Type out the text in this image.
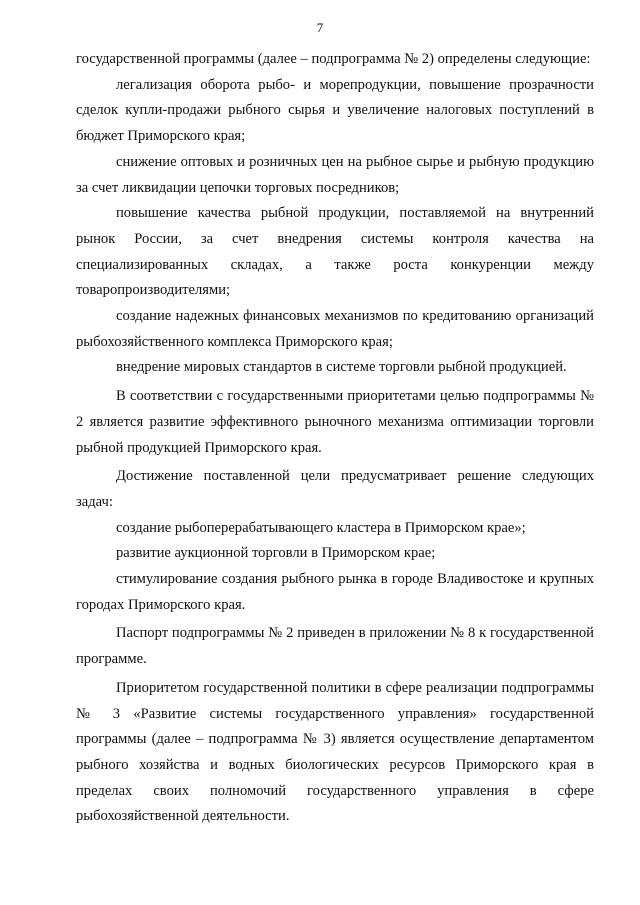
7

государственной программы (далее – подпрограмма № 2) определены следующие:

легализация оборота рыбо- и морепродукции, повышение прозрачности сделок купли-продажи рыбного сырья и увеличение налоговых поступлений в бюджет Приморского края;

снижение оптовых и розничных цен на рыбное сырье и рыбную продукцию за счет ликвидации цепочки торговых посредников;

повышение качества рыбной продукции, поставляемой на внутренний рынок России, за счет внедрения системы контроля качества на специализированных складах, а также роста конкуренции между товаропроизводителями;

создание надежных финансовых механизмов по кредитованию организаций рыбохозяйственного комплекса Приморского края;

внедрение мировых стандартов в системе торговли рыбной продукцией.

В соответствии с государственными приоритетами целью подпрограммы № 2 является развитие эффективного рыночного механизма оптимизации торговли рыбной продукцией Приморского края.

Достижение поставленной цели предусматривает решение следующих задач:

создание рыбоперерабатывающего кластера в Приморском крае»;

развитие аукционной торговли в Приморском крае;

стимулирование создания рыбного рынка в городе Владивостоке и крупных городах Приморского края.

Паспорт подпрограммы № 2 приведен в приложении № 8 к государственной программе.

Приоритетом государственной политики в сфере реализации подпрограммы № 3 «Развитие системы государственного управления» государственной программы (далее – подпрограмма № 3) является осуществление департаментом рыбного хозяйства и водных биологических ресурсов Приморского края в пределах своих полномочий государственного управления в сфере рыбохозяйственной деятельности.
